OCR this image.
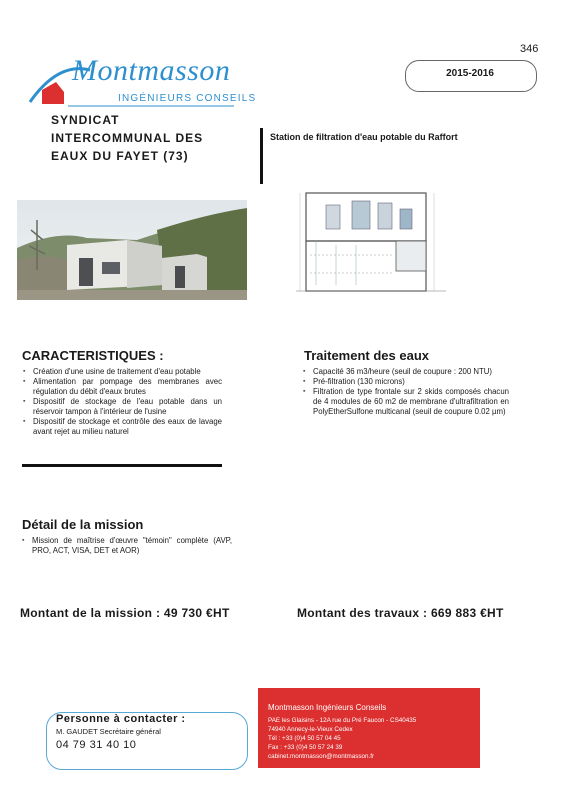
346
Montmasson
INGÉNIEURS CONSEILS
2015-2016
SYNDICAT
INTERCOMMUNAL DES
EAUX DU FAYET (73)
Station de filtration d'eau potable du Raffort
CARACTERISTIQUES :
▪ Création d'une usine de traitement d'eau potable
▪ Alimentation par pompage des membranes avec régulation du débit d'eaux brutes
▪ Dispositif de stockage de l'eau potable dans un réservoir tampon à l'intérieur de l'usine
▪ Dispositif de stockage et contrôle des eaux de lavage avant rejet au milieu naturel
Traitement des eaux
▪ Capacité 36 m3/heure (seuil de coupure : 200 NTU)
▪ Pré-filtration (130 microns)
▪ Filtration de type frontale sur 2 skids composés chacun de 4 modules de 60 m2 de membrane d'ultrafiltration en PolyEtherSulfone multicanal (seuil de coupure 0.02 µm)
Détail de la mission
▪ Mission de maîtrise d'œuvre "témoin" complète (AVP, PRO, ACT, VISA, DET et AOR)
Montant de la mission : 49 730 €HT	Montant des travaux : 669 883 €HT
Montmasson Ingénieurs Conseils
PAE les Glaisins - 12A rue du Pré Faucon - CS40435
74940 Annecy-le-Vieux Cedex
Tél : +33 (0)4 50 57 04 45
Fax : +33 (0)4 50 57 24 39
cabinet.montmasson@montmasson.fr
Personne à contacter :
M. GAUDET Secrétaire général
04 79 31 40 10
